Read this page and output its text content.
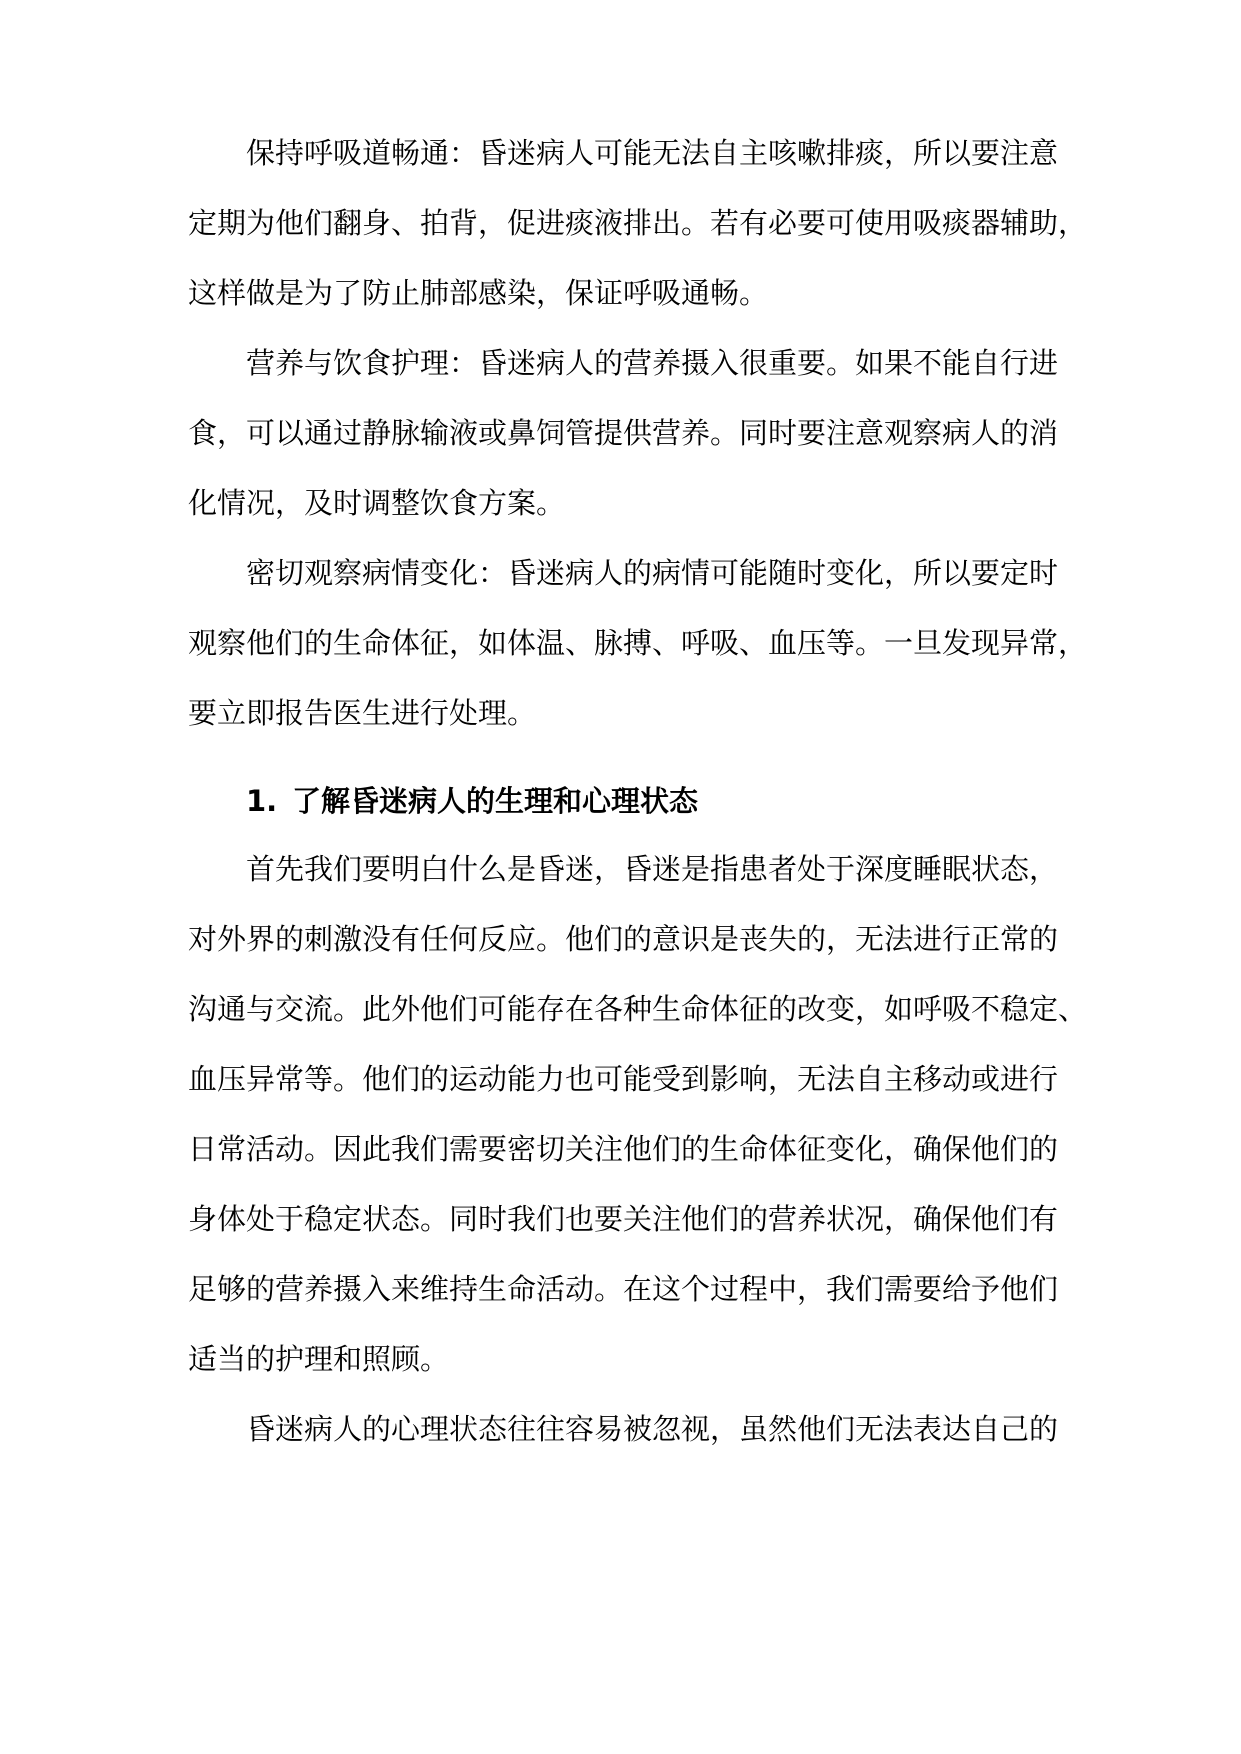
保持呼吸道畅通：昏迷病人可能无法自主咳嗽排痰，所以要注意
定期为他们翻身、拍背，促进痰液排出。若有必要可使用吸痰器辅助，
这样做是为了防止肺部感染，保证呼吸通畅。
营养与饮食护理：昏迷病人的营养摄入很重要。如果不能自行进
食，可以通过静脉输液或鼻饲管提供营养。同时要注意观察病人的消
化情况，及时调整饮食方案。
密切观察病情变化：昏迷病人的病情可能随时变化，所以要定时
观察他们的生命体征，如体温、脉搏、呼吸、血压等。一旦发现异常，
要立即报告医生进行处理。
1. 了解昏迷病人的生理和心理状态
首先我们要明白什么是昏迷，昏迷是指患者处于深度睡眠状态，
对外界的刺激没有任何反应。他们的意识是丧失的，无法进行正常的
沟通与交流。此外他们可能存在各种生命体征的改变，如呼吸不稳定、
血压异常等。他们的运动能力也可能受到影响，无法自主移动或进行
日常活动。因此我们需要密切关注他们的生命体征变化，确保他们的
身体处于稳定状态。同时我们也要关注他们的营养状况，确保他们有
足够的营养摄入来维持生命活动。在这个过程中，我们需要给予他们
适当的护理和照顾。
昏迷病人的心理状态往往容易被忽视，虽然他们无法表达自己的
